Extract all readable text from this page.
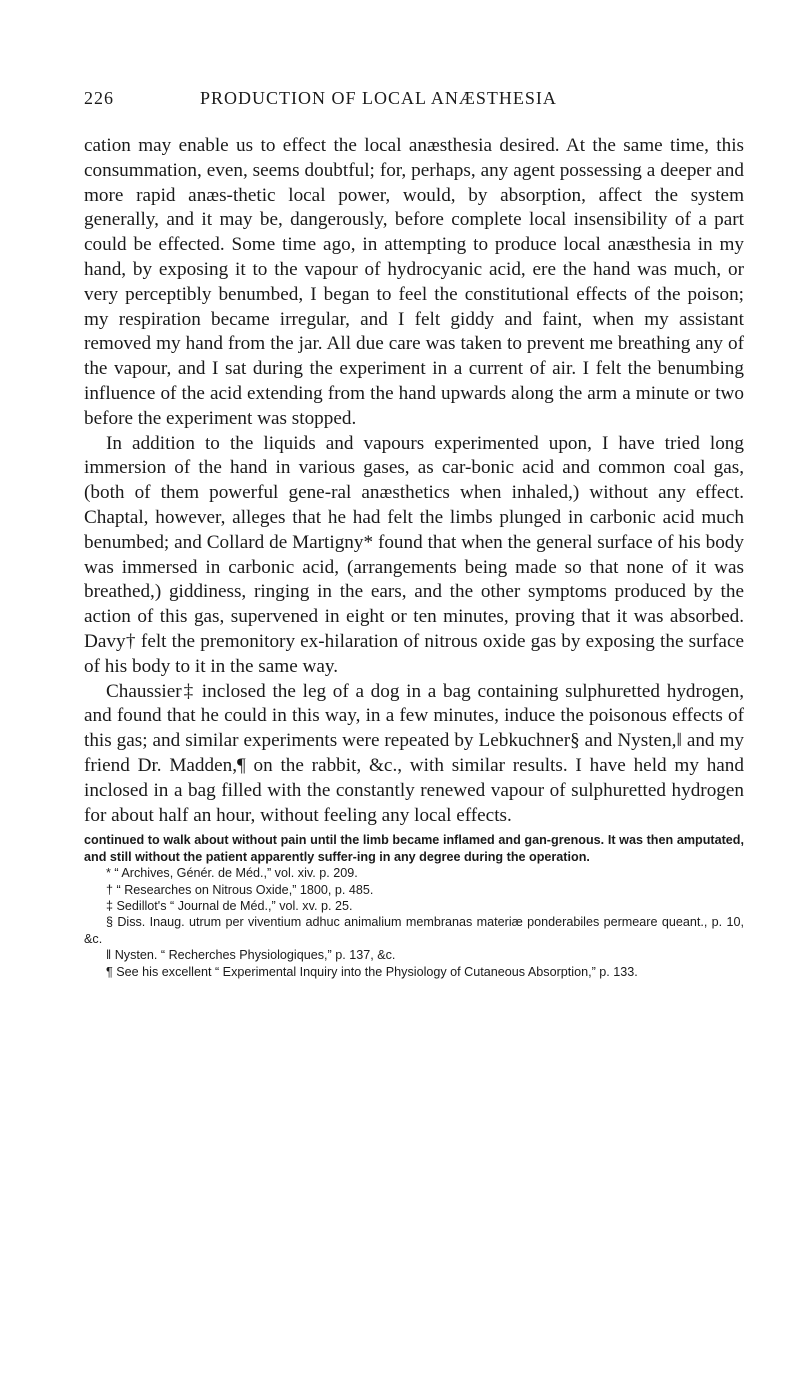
226	PRODUCTION OF LOCAL ANÆSTHESIA

cation may enable us to effect the local anæsthesia desired. At the same time, this consummation, even, seems doubtful; for, perhaps, any agent possessing a deeper and more rapid anæs-thetic local power, would, by absorption, affect the system generally, and it may be, dangerously, before complete local insensibility of a part could be effected. Some time ago, in attempting to produce local anæsthesia in my hand, by exposing it to the vapour of hydrocyanic acid, ere the hand was much, or very perceptibly benumbed, I began to feel the constitutional effects of the poison; my respiration became irregular, and I felt giddy and faint, when my assistant removed my hand from the jar. All due care was taken to prevent me breathing any of the vapour, and I sat during the experiment in a current of air. I felt the benumbing influence of the acid extending from the hand upwards along the arm a minute or two before the experiment was stopped.

In addition to the liquids and vapours experimented upon, I have tried long immersion of the hand in various gases, as car-bonic acid and common coal gas, (both of them powerful gene-ral anæsthetics when inhaled,) without any effect. Chaptal, however, alleges that he had felt the limbs plunged in carbonic acid much benumbed; and Collard de Martigny* found that when the general surface of his body was immersed in carbonic acid, (arrangements being made so that none of it was breathed,) giddiness, ringing in the ears, and the other symptoms produced by the action of this gas, supervened in eight or ten minutes, proving that it was absorbed. Davy† felt the premonitory ex-hilaration of nitrous oxide gas by exposing the surface of his body to it in the same way.

Chaussier‡ inclosed the leg of a dog in a bag containing sulphuretted hydrogen, and found that he could in this way, in a few minutes, induce the poisonous effects of this gas; and similar experiments were repeated by Lebkuchner§ and Nysten,‖ and my friend Dr. Madden,¶ on the rabbit, &c., with similar results. I have held my hand inclosed in a bag filled with the constantly renewed vapour of sulphuretted hydrogen for about half an hour, without feeling any local effects.

continued to walk about without pain until the limb became inflamed and gan-grenous. It was then amputated, and still without the patient apparently suffer-ing in any degree during the operation.

* “ Archives, Génér. de Méd.,” vol. xiv. p. 209.

† “ Researches on Nitrous Oxide,” 1800, p. 485.

‡ Sedillot's “ Journal de Méd.,” vol. xv. p. 25.

§ Diss. Inaug. utrum per viventium adhuc animalium membranas materiæ ponderabiles permeare queant., p. 10, &c.

‖ Nysten. “ Recherches Physiologiques,” p. 137, &c.

¶ See his excellent “ Experimental Inquiry into the Physiology of Cutaneous Absorption,” p. 133.
